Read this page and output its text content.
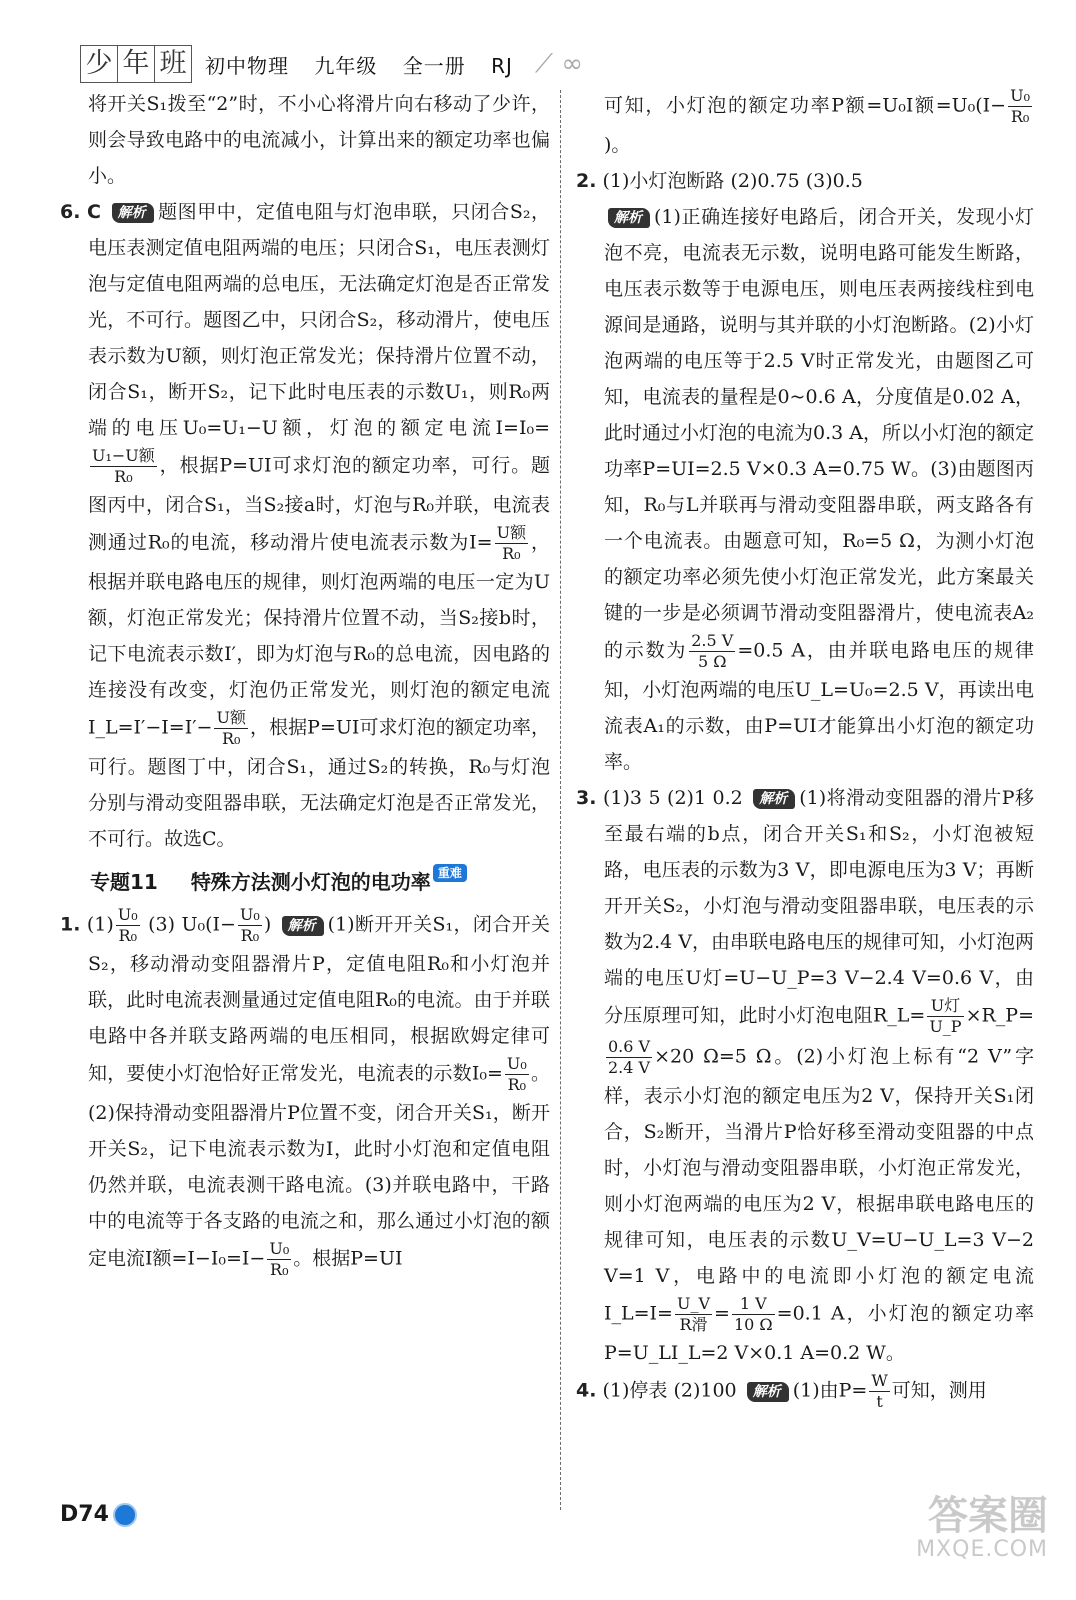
少 年 班 初中物理 九年级 全一册 RJ ⟋ ∞

将开关S₁拨至“2”时，不小心将滑片向右移动了少许，则会导致电路中的电流减小，计算出来的额定功率也偏小。

6. C 解析 题图甲中，定值电阻与灯泡串联，只闭合S₂，电压表测定值电阻两端的电压；只闭合S₁，电压表测灯泡与定值电阻两端的总电压，无法确定灯泡是否正常发光，不可行。题图乙中，只闭合S₂，移动滑片，使电压表示数为U额，则灯泡正常发光；保持滑片位置不动，闭合S₁，断开S₂，记下此时电压表的示数U₁，则R₀两端的电压U₀=U₁−U额，灯泡的额定电流I=I₀=
$\frac{\text{U₁−U额}}{\text{R₀}}$ ，根据P=UI可求灯泡的额定功率，可行。题图丙中，闭合S₁，当S₂接a时，灯泡与R₀并联，电流表测通过R₀的电流，移动滑片使电流表示数为$I= \frac{\text{U额}}{\text{R₀}}$ ，根据并联电路电压的规律，则灯泡两端的电压一定为U额，灯泡正常发光；保持滑片位置不动，当S₂接b时，记下电流表示数I′，即为灯泡与R₀的总电流，因电路的连接没有改变，灯泡仍正常发光，则灯泡的额定电流I_L=I′−I=I′− $\frac{\text{U额}}{\text{R₀}}$ ，根据P=UI可求灯泡的额定功率，可行。题图丁中，闭合S₁，通过S₂的转换，R₀与灯泡分别与滑动变阻器串联，无法确定灯泡是否正常发光，不可行。故选C。

专题11 特殊方法测小灯泡的电功率 重难

1. $(1) \frac{\text{U₀}}{\text{R₀}} (3)$ $U_0(I- \frac{\text{U₀}}{\text{R₀}}$ ) 解析 (1)断开开关S₁，闭合开关S₂，移动滑动变阻器滑片P，定值电阻R₀和小灯泡并联，此时电流表测量通过定值电阻R₀的电流。由于并联电路中各并联支路两端的电压相同，根据欧姆定律可知，要使小灯泡恰好正常发光，电流表的示数$I_0= \frac{\text{U₀}}{\text{R₀}}$ 。(2)保持滑动变阻器滑片P位置不变，闭合开关S₁，断开开关S₂，记下电流表示数为I，此时小灯泡和定值电阻仍然并联，电流表测干路电流。(3)并联电路中，干路中的电流等于各支路的电流之和，那么通过小灯泡的额定电流I额$=I-I_0=I- \frac{\text{U₀}}{\text{R₀}}$ 。根据P=UI

可知，小灯泡的额定功率P额=U₀I额$=U_0(I- \frac{\text{U₀}}{\text{R₀}}$
)。

2. (1)小灯泡断路 (2)0.75 (3)0.5
解析 (1)正确连接好电路后，闭合开关，发现小灯泡不亮，电流表无示数，说明电路可能发生断路，电压表示数等于电源电压，则电压表两接线柱到电源间是通路，说明与其并联的小灯泡断路。(2)小灯泡两端的电压等于2.5 V时正常发光，由题图乙可知，电流表的量程是0~0.6 A，分度值是0.02 A，此时通过小灯泡的电流为0.3 A，所以小灯泡的额定功率P=UI=2.5 V×0.3 A=0.75 W。(3)由题图丙知，R₀与L并联再与滑动变阻器串联，两支路各有一个电流表。由题意可知，R₀=5 Ω，为测小灯泡的额定功率必须先使小灯泡正常发光，此方案最关键的一步是必须调节滑动变阻器滑片，使电流表A₂的示数为 $\frac{2.5 V}{5 \Omega} =0.5$ A，由并联电路电压的规律知，小灯泡两端的电压U_L=U₀=2.5 V，再读出电流表A₁的示数，由P=UI才能算出小灯泡的额定功率。

3. (1)3 5 (2)1 0.2 解析 (1)将滑动变阻器的滑片P移至最右端的b点，闭合开关S₁和S₂，小灯泡被短路，电压表的示数为3 V，即电源电压为3 V；再断开开关S₂，小灯泡与滑动变阻器串联，电压表的示数为2.4 V，由串联电路电压的规律可知，小灯泡两端的电压U灯=U−U_P=3 V−2.4 V=0.6 V，由分压原理可知，此时小灯泡电阻R_L= $\frac{\text{U灯}}{U\_P}$ ×R_P=
$\frac{0.6 V}{2.4 V} \times 20$ Ω=5 Ω。(2)小灯泡上标有“2 V”字样，表示小灯泡的额定电压为2 V，保持开关S₁闭合，S₂断开，当滑片P恰好移至滑动变阻器的中点时，小灯泡与滑动变阻器串联，小灯泡正常发光，则小灯泡两端的电压为2 V，根据串联电路电压的规律可知，电压表的示数U_V=U−U_L=3 V−2 V=1 V，电路中的电流即小灯泡的额定电流I_L=I= $\frac{U\_V}{\text{R滑}} = \frac{1 V}{10 \Omega} =0.1$ A，小灯泡的额定功率P=U_LI_L=2 V×0.1 A=0.2 W。

4. (1)停表 (2)100 解析 (1)由$P= \frac{W}{t}$ 可知，测用

D74	答案圈
MXQE.COM
